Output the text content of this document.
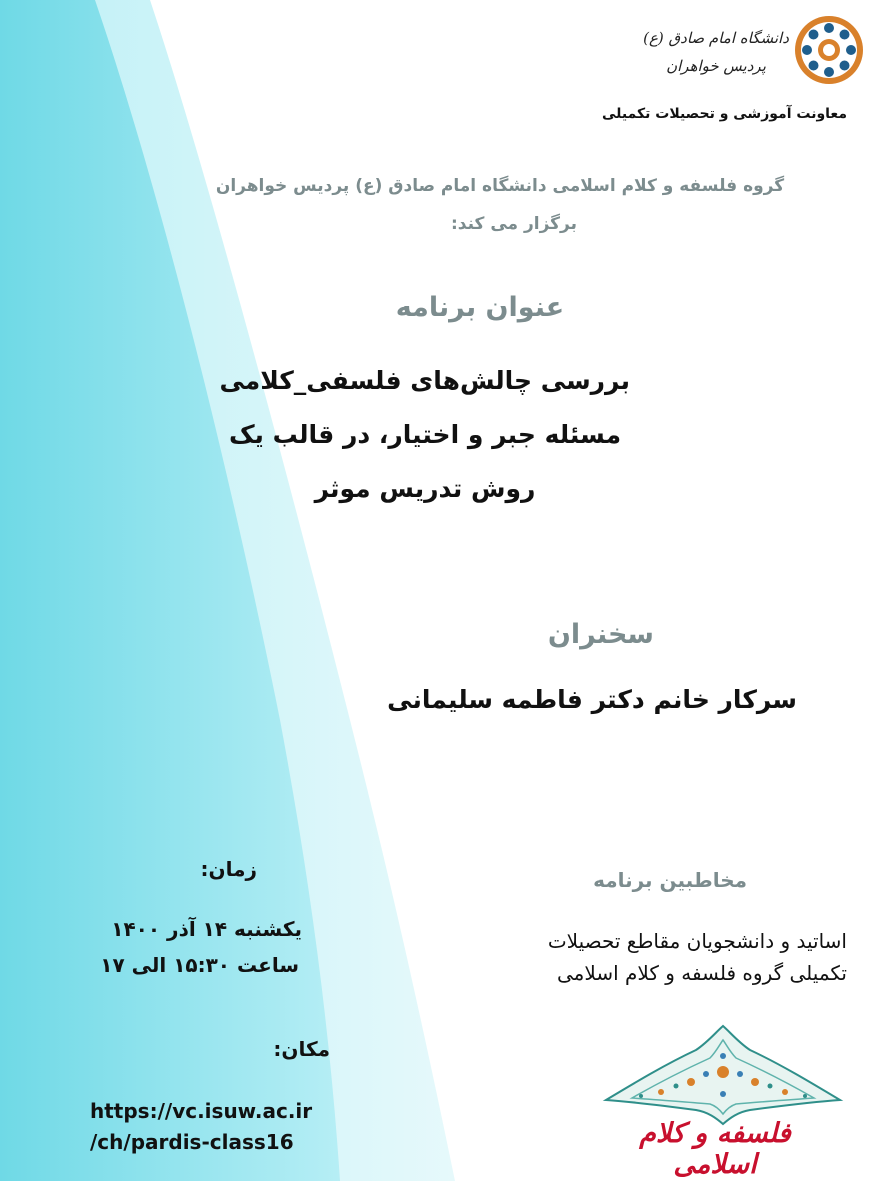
دانشگاه امام صادق (ع)
پردیس خواهران
معاونت آموزشی و تحصیلات تکمیلی
گروه فلسفه و کلام اسلامی دانشگاه امام صادق (ع) پردیس خواهران
برگزار می کند:
عنوان برنامه
بررسی چالش‌های فلسفی_کلامی
مسئله جبر و اختیار، در قالب یک
روش تدریس موثر
سخنران
سرکار خانم دکتر فاطمه سلیمانی
زمان:
یکشنبه ۱۴ آذر ۱۴۰۰
ساعت ۱۵:۳۰ الی ۱۷
مخاطبین برنامه
اساتید و دانشجویان مقاطع تحصیلات
تکمیلی گروه فلسفه و کلام اسلامی
مکان:
https://vc.isuw.ac.ir
/ch/pardis-class16	فلسفه و کلام اسلامی
